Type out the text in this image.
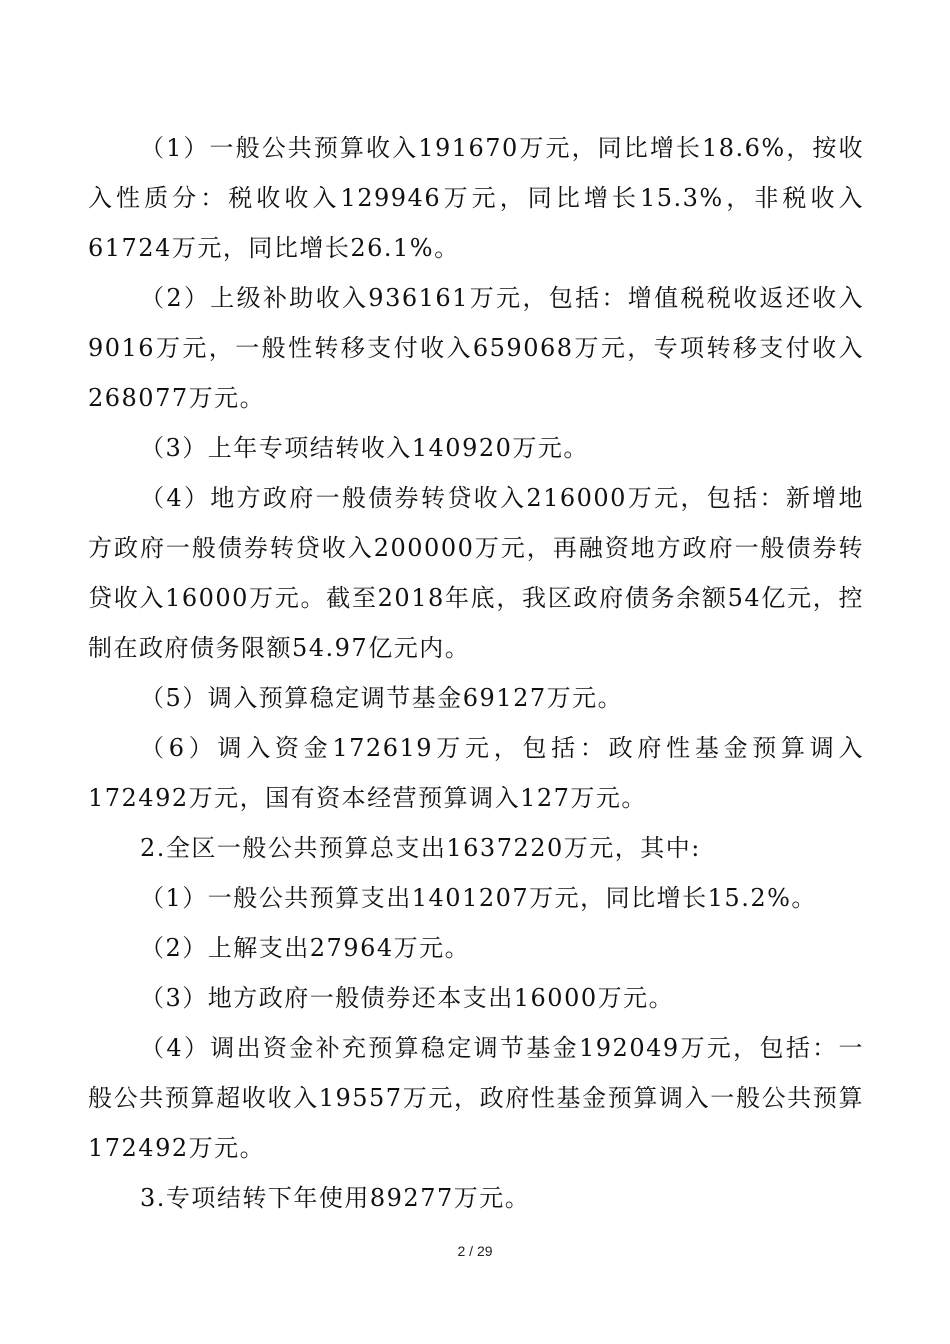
（1）一般公共预算收入191670万元，同比增长18.6%，按收入性质分：税收收入129946万元，同比增长15.3%，非税收入61724万元，同比增长26.1%。

（2）上级补助收入936161万元，包括：增值税税收返还收入9016万元，一般性转移支付收入659068万元，专项转移支付收入268077万元。

（3）上年专项结转收入140920万元。

（4）地方政府一般债券转贷收入216000万元，包括：新增地方政府一般债券转贷收入200000万元，再融资地方政府一般债券转贷收入16000万元。截至2018年底，我区政府债务余额54亿元，控制在政府债务限额54.97亿元内。

（5）调入预算稳定调节基金69127万元。

（6）调入资金172619万元，包括：政府性基金预算调入172492万元，国有资本经营预算调入127万元。

2.全区一般公共预算总支出1637220万元，其中:

（1）一般公共预算支出1401207万元，同比增长15.2%。

（2）上解支出27964万元。

（3）地方政府一般债券还本支出16000万元。

（4）调出资金补充预算稳定调节基金192049万元，包括：一般公共预算超收收入19557万元，政府性基金预算调入一般公共预算172492万元。

3.专项结转下年使用89277万元。

2 / 29
